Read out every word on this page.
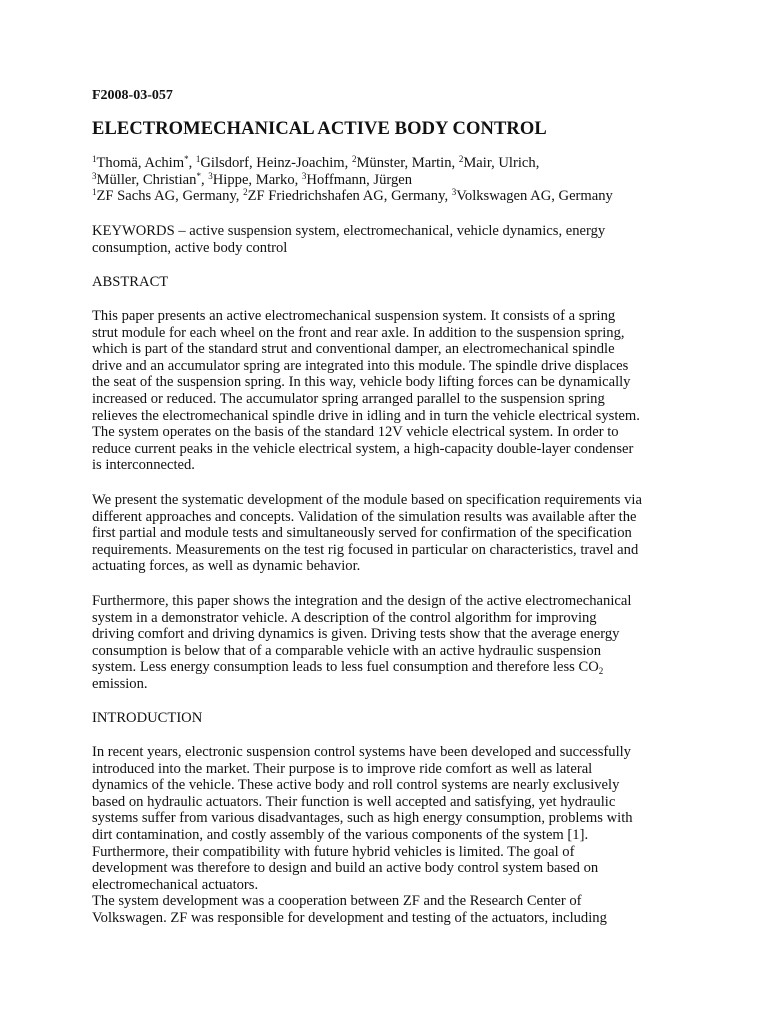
F2008-03-057
ELECTROMECHANICAL ACTIVE BODY CONTROL
$^1$Thomä, Achim*, $^1$Gilsdorf, Heinz-Joachim, $^2$Münster, Martin, $^2$Mair, Ulrich,
$^3$Müller, Christian*, $^3$Hippe, Marko, $^3$Hoffmann, Jürgen
$^1$ZF Sachs AG, Germany, $^2$ZF Friedrichshafen AG, Germany, $^3$Volkswagen AG, Germany
KEYWORDS – active suspension system, electromechanical, vehicle dynamics, energy
consumption, active body control
ABSTRACT
This paper presents an active electromechanical suspension system. It consists of a spring
strut module for each wheel on the front and rear axle. In addition to the suspension spring,
which is part of the standard strut and conventional damper, an electromechanical spindle
drive and an accumulator spring are integrated into this module. The spindle drive displaces
the seat of the suspension spring. In this way, vehicle body lifting forces can be dynamically
increased or reduced. The accumulator spring arranged parallel to the suspension spring
relieves the electromechanical spindle drive in idling and in turn the vehicle electrical system.
The system operates on the basis of the standard 12V vehicle electrical system. In order to
reduce current peaks in the vehicle electrical system, a high-capacity double-layer condenser
is interconnected.
We present the systematic development of the module based on specification requirements via
different approaches and concepts. Validation of the simulation results was available after the
first partial and module tests and simultaneously served for confirmation of the specification
requirements. Measurements on the test rig focused in particular on characteristics, travel and
actuating forces, as well as dynamic behavior.
Furthermore, this paper shows the integration and the design of the active electromechanical
system in a demonstrator vehicle. A description of the control algorithm for improving
driving comfort and driving dynamics is given. Driving tests show that the average energy
consumption is below that of a comparable vehicle with an active hydraulic suspension
system. Less energy consumption leads to less fuel consumption and therefore less $CO_2$
emission.
INTRODUCTION
In recent years, electronic suspension control systems have been developed and successfully
introduced into the market. Their purpose is to improve ride comfort as well as lateral
dynamics of the vehicle. These active body and roll control systems are nearly exclusively
based on hydraulic actuators. Their function is well accepted and satisfying, yet hydraulic
systems suffer from various disadvantages, such as high energy consumption, problems with
dirt contamination, and costly assembly of the various components of the system [1].
Furthermore, their compatibility with future hybrid vehicles is limited. The goal of
development was therefore to design and build an active body control system based on
electromechanical actuators.
The system development was a cooperation between ZF and the Research Center of
Volkswagen. ZF was responsible for development and testing of the actuators, including
